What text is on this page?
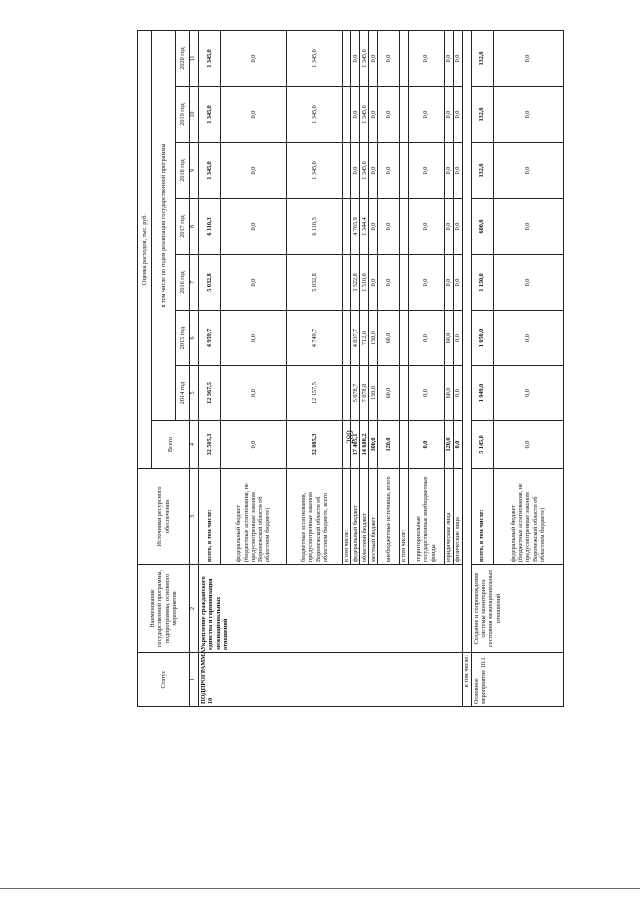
289
Статус	Наименование государственной программы, подпрограммы, основного мероприятия	Источники ресурсного обеспечения	Оценка расходов, тыс. руб.							
			Всего	в том числе по годам реализации государственной программы						
				2014 год	2015 год	2016 год	2017 год	2018 год	2019 год	2020 год
1	2	3	4	5	6	7	8	9	10	11
ПОДПРОГРАММА 10	Укрепление гражданского единства и гармонизация межнациональных отношений	всего, в том числе:	32 505,3	12 367,5	4 959,7	5 032,8	6 110,3	1 345,0	1 345,0	1 345,0
		федеральный бюджет (бюджетные ассигнования, не предусмотренные законом Воронежской области об областном бюджете)	0,0	0,0	0,0	0,0	0,0	0,0	0,0	0,0
		бюджетные ассигнования, предусмотренные законом Воронежской области об областном бюджете, всего	32 085,3	12 157,5	4 749,7	5 032,8	6 110,3	1 345,0	1 345,0	1 345,0
		в том числе:								
		федеральный бюджет	17 405,1	5 078,7	4 037,7	3 522,8	4 765,9	0,0	0,0	0,0
		областной бюджет	14 680,2	7 078,8	712,0	1 510,0	1 344,4	1 345,0	1 345,0	1 345,0
		местный бюджет	300,0	150,0	150,0	0,0	0,0	0,0	0,0	0,0
		внебюджетные источники, всего	120,0	60,0	60,0	0,0	0,0	0,0	0,0	0,0
		в том числе:								
		территориальные государственные внебюджетные фонды	0,0	0,0	0,0	0,0	0,0	0,0	0,0	0,0
		юридические лица	120,0	60,0	60,0	0,0	0,0	0,0	0,0	0,0
		физические лица	0,0	0,0	0,0	0,0	0,0	0,0	0,0	0,0
в том числе:										
Основное мероприятие 10.1	Создание и сопровождение системы мониторинга состояния межнациональных отношений	всего, в том числе:	5 145,0	1 949,0	1 050,0	1 150,0	600,0	132,0	132,0	132,0
		федеральный бюджет (бюджетные ассигнования, не предусмотренные законом Воронежской области об областном бюджете)	0,0	0,0	0,0	0,0	0,0	0,0	0,0	0,0
